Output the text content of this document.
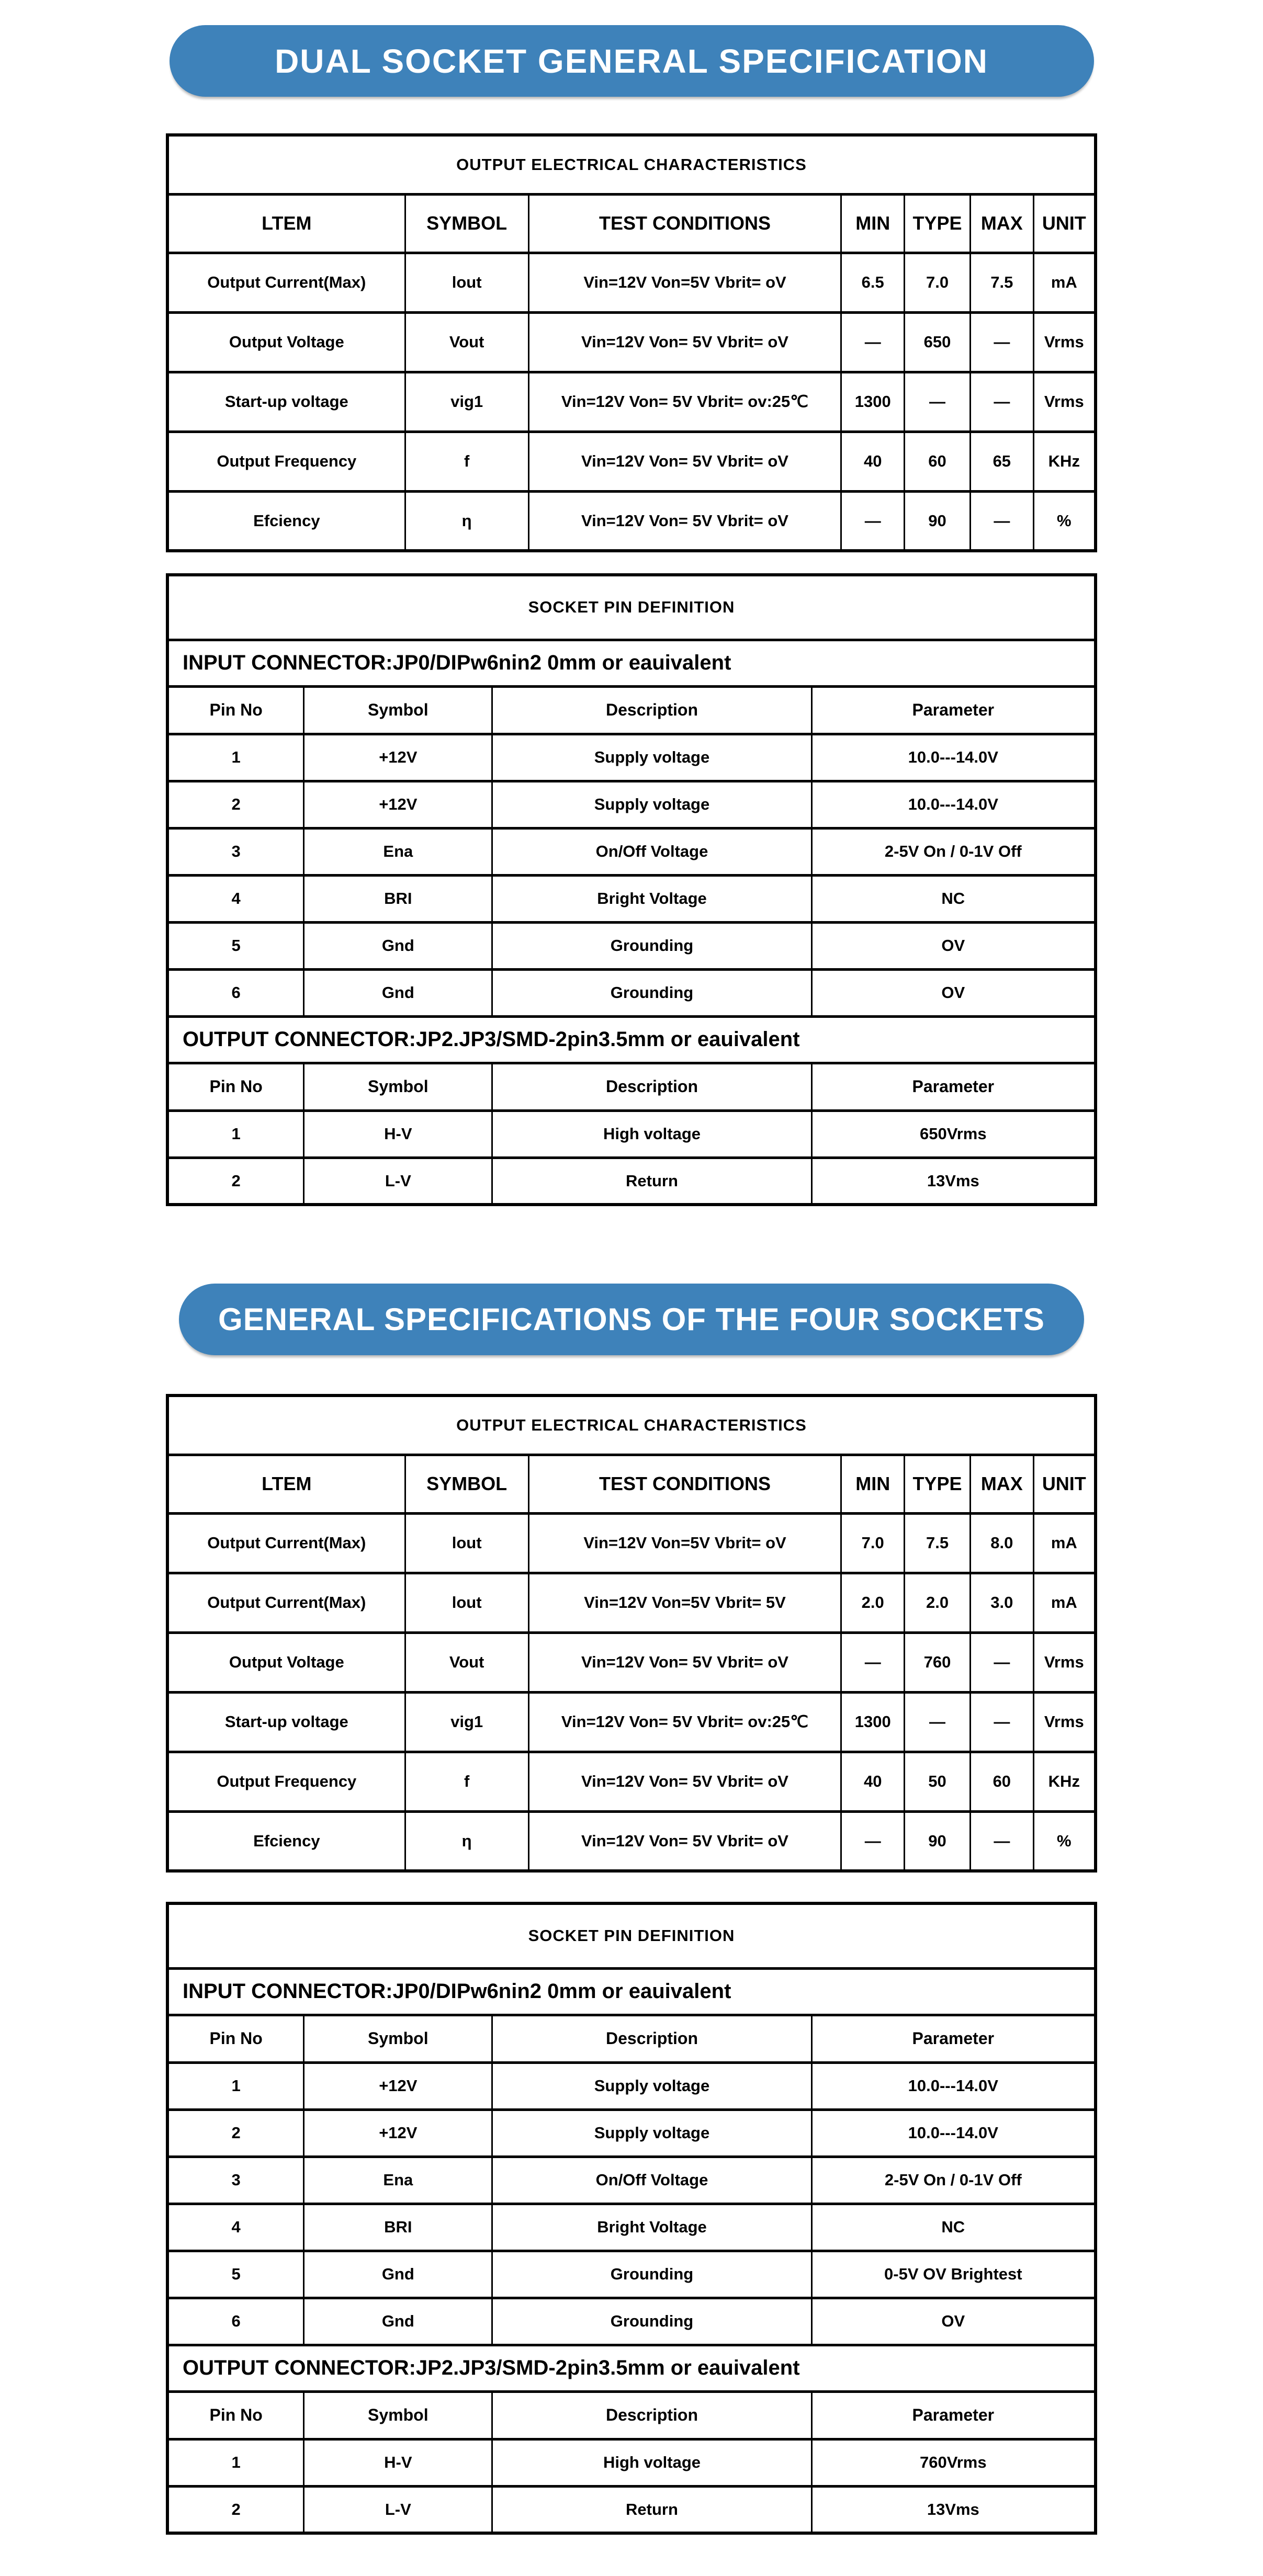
DUAL SOCKET GENERAL SPECIFICATION
OUTPUT ELECTRICAL CHARACTERISTICS						
LTEM	SYMBOL	TEST CONDITIONS	MIN	TYPE	MAX	UNIT
Output Current(Max)	lout	Vin=12V Von=5V Vbrit= oV	6.5	7.0	7.5	mA
Output Voltage	Vout	Vin=12V Von= 5V Vbrit= oV	—	650	—	Vrms
Start-up voltage	vig1	Vin=12V Von= 5V Vbrit= ov:25℃	1300	—	—	Vrms
Output Frequency	f	Vin=12V Von= 5V Vbrit= oV	40	60	65	KHz
Efciency	η	Vin=12V Von= 5V Vbrit= oV	—	90	—	%
SOCKET PIN DEFINITION			
INPUT CONNECTOR:JP0/DIPw6nin2 0mm or eauivalent			
Pin No	Symbol	Description	Parameter
1	+12V	Supply voltage	10.0---14.0V
2	+12V	Supply voltage	10.0---14.0V
3	Ena	On/Off Voltage	2-5V On / 0-1V Off
4	BRI	Bright Voltage	NC
5	Gnd	Grounding	OV
6	Gnd	Grounding	OV
OUTPUT CONNECTOR:JP2.JP3/SMD-2pin3.5mm or eauivalent			
Pin No	Symbol	Description	Parameter
1	H-V	High voltage	650Vrms
2	L-V	Return	13Vms
GENERAL SPECIFICATIONS OF THE FOUR SOCKETS
OUTPUT ELECTRICAL CHARACTERISTICS						
LTEM	SYMBOL	TEST CONDITIONS	MIN	TYPE	MAX	UNIT
Output Current(Max)	lout	Vin=12V Von=5V Vbrit= oV	7.0	7.5	8.0	mA
Output Current(Max)	lout	Vin=12V Von=5V Vbrit= 5V	2.0	2.0	3.0	mA
Output Voltage	Vout	Vin=12V Von= 5V Vbrit= oV	—	760	—	Vrms
Start-up voltage	vig1	Vin=12V Von= 5V Vbrit= ov:25℃	1300	—	—	Vrms
Output Frequency	f	Vin=12V Von= 5V Vbrit= oV	40	50	60	KHz
Efciency	η	Vin=12V Von= 5V Vbrit= oV	—	90	—	%
SOCKET PIN DEFINITION			
INPUT CONNECTOR:JP0/DIPw6nin2 0mm or eauivalent			
Pin No	Symbol	Description	Parameter
1	+12V	Supply voltage	10.0---14.0V
2	+12V	Supply voltage	10.0---14.0V
3	Ena	On/Off Voltage	2-5V On / 0-1V Off
4	BRI	Bright Voltage	NC
5	Gnd	Grounding	0-5V OV Brightest
6	Gnd	Grounding	OV
OUTPUT CONNECTOR:JP2.JP3/SMD-2pin3.5mm or eauivalent			
Pin No	Symbol	Description	Parameter
1	H-V	High voltage	760Vrms
2	L-V	Return	13Vms
